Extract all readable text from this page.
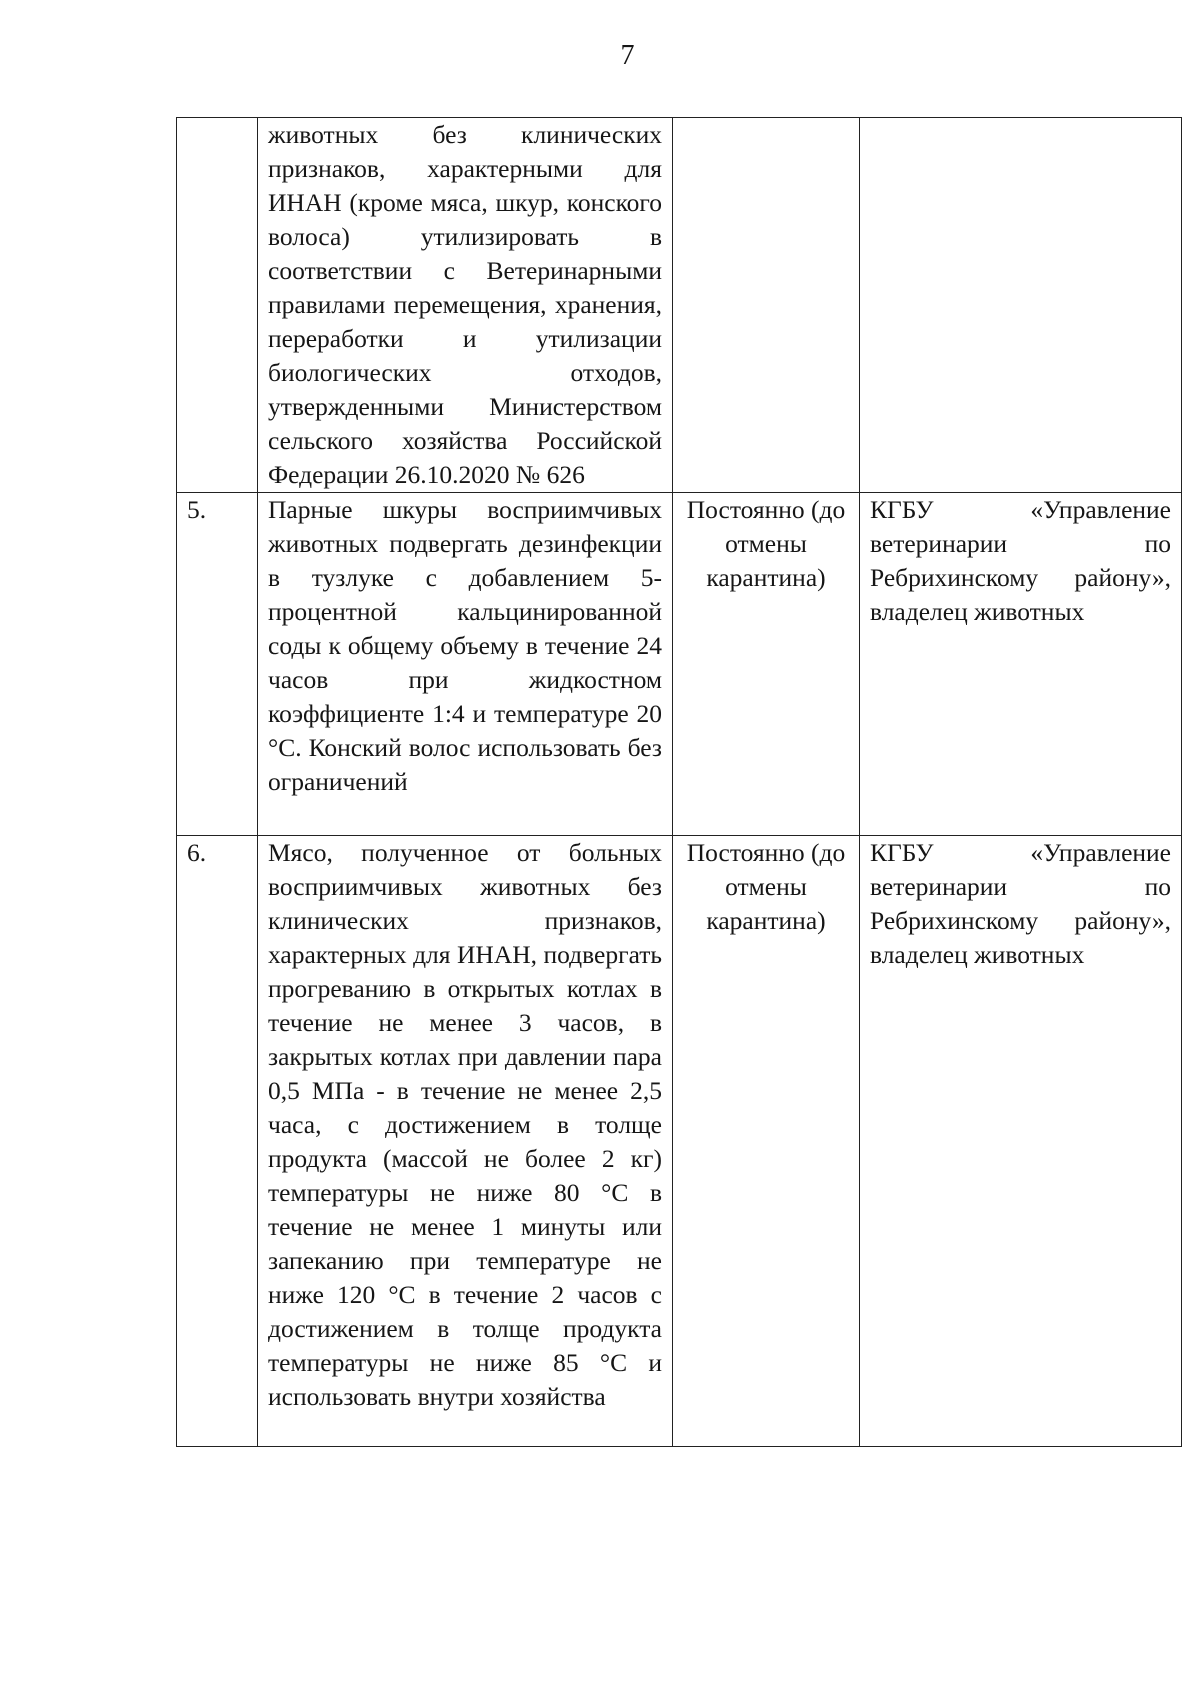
7
	животных без клинических признаков, характерными для ИНАН (кроме мяса, шкур, конского волоса) утилизировать в соответствии с Ветеринарными правилами перемещения, хранения, переработки и утилизации биологических отходов, утвержденными Министерством сельского хозяйства Российской Федерации 26.10.2020 № 626		
5.	Парные шкуры восприимчивых животных подвергать дезинфекции в тузлуке с добавлением 5-процентной кальцинированной соды к общему объему в течение 24 часов при жидкостном коэффициенте 1:4 и температуре 20 °С. Конский волос использовать без ограничений	Постоянно (до отмены карантина)	КГБУ «Управление ветеринарии по Ребрихинскому району», владелец животных
6.	Мясо, полученное от больных восприимчивых животных без клинических признаков, характерных для ИНАН, подвергать прогреванию в открытых котлах в течение не менее 3 часов, в закрытых котлах при давлении пара 0,5 МПа - в течение не менее 2,5 часа, с достижением в толще продукта (массой не более 2 кг) температуры не ниже 80 °С в течение не менее 1 минуты или запеканию при температуре не ниже 120 °С в течение 2 часов с достижением в толще продукта температуры не ниже 85 °С и использовать внутри хозяйства	Постоянно (до отмены карантина)	КГБУ «Управление ветеринарии по Ребрихинскому району», владелец животных
